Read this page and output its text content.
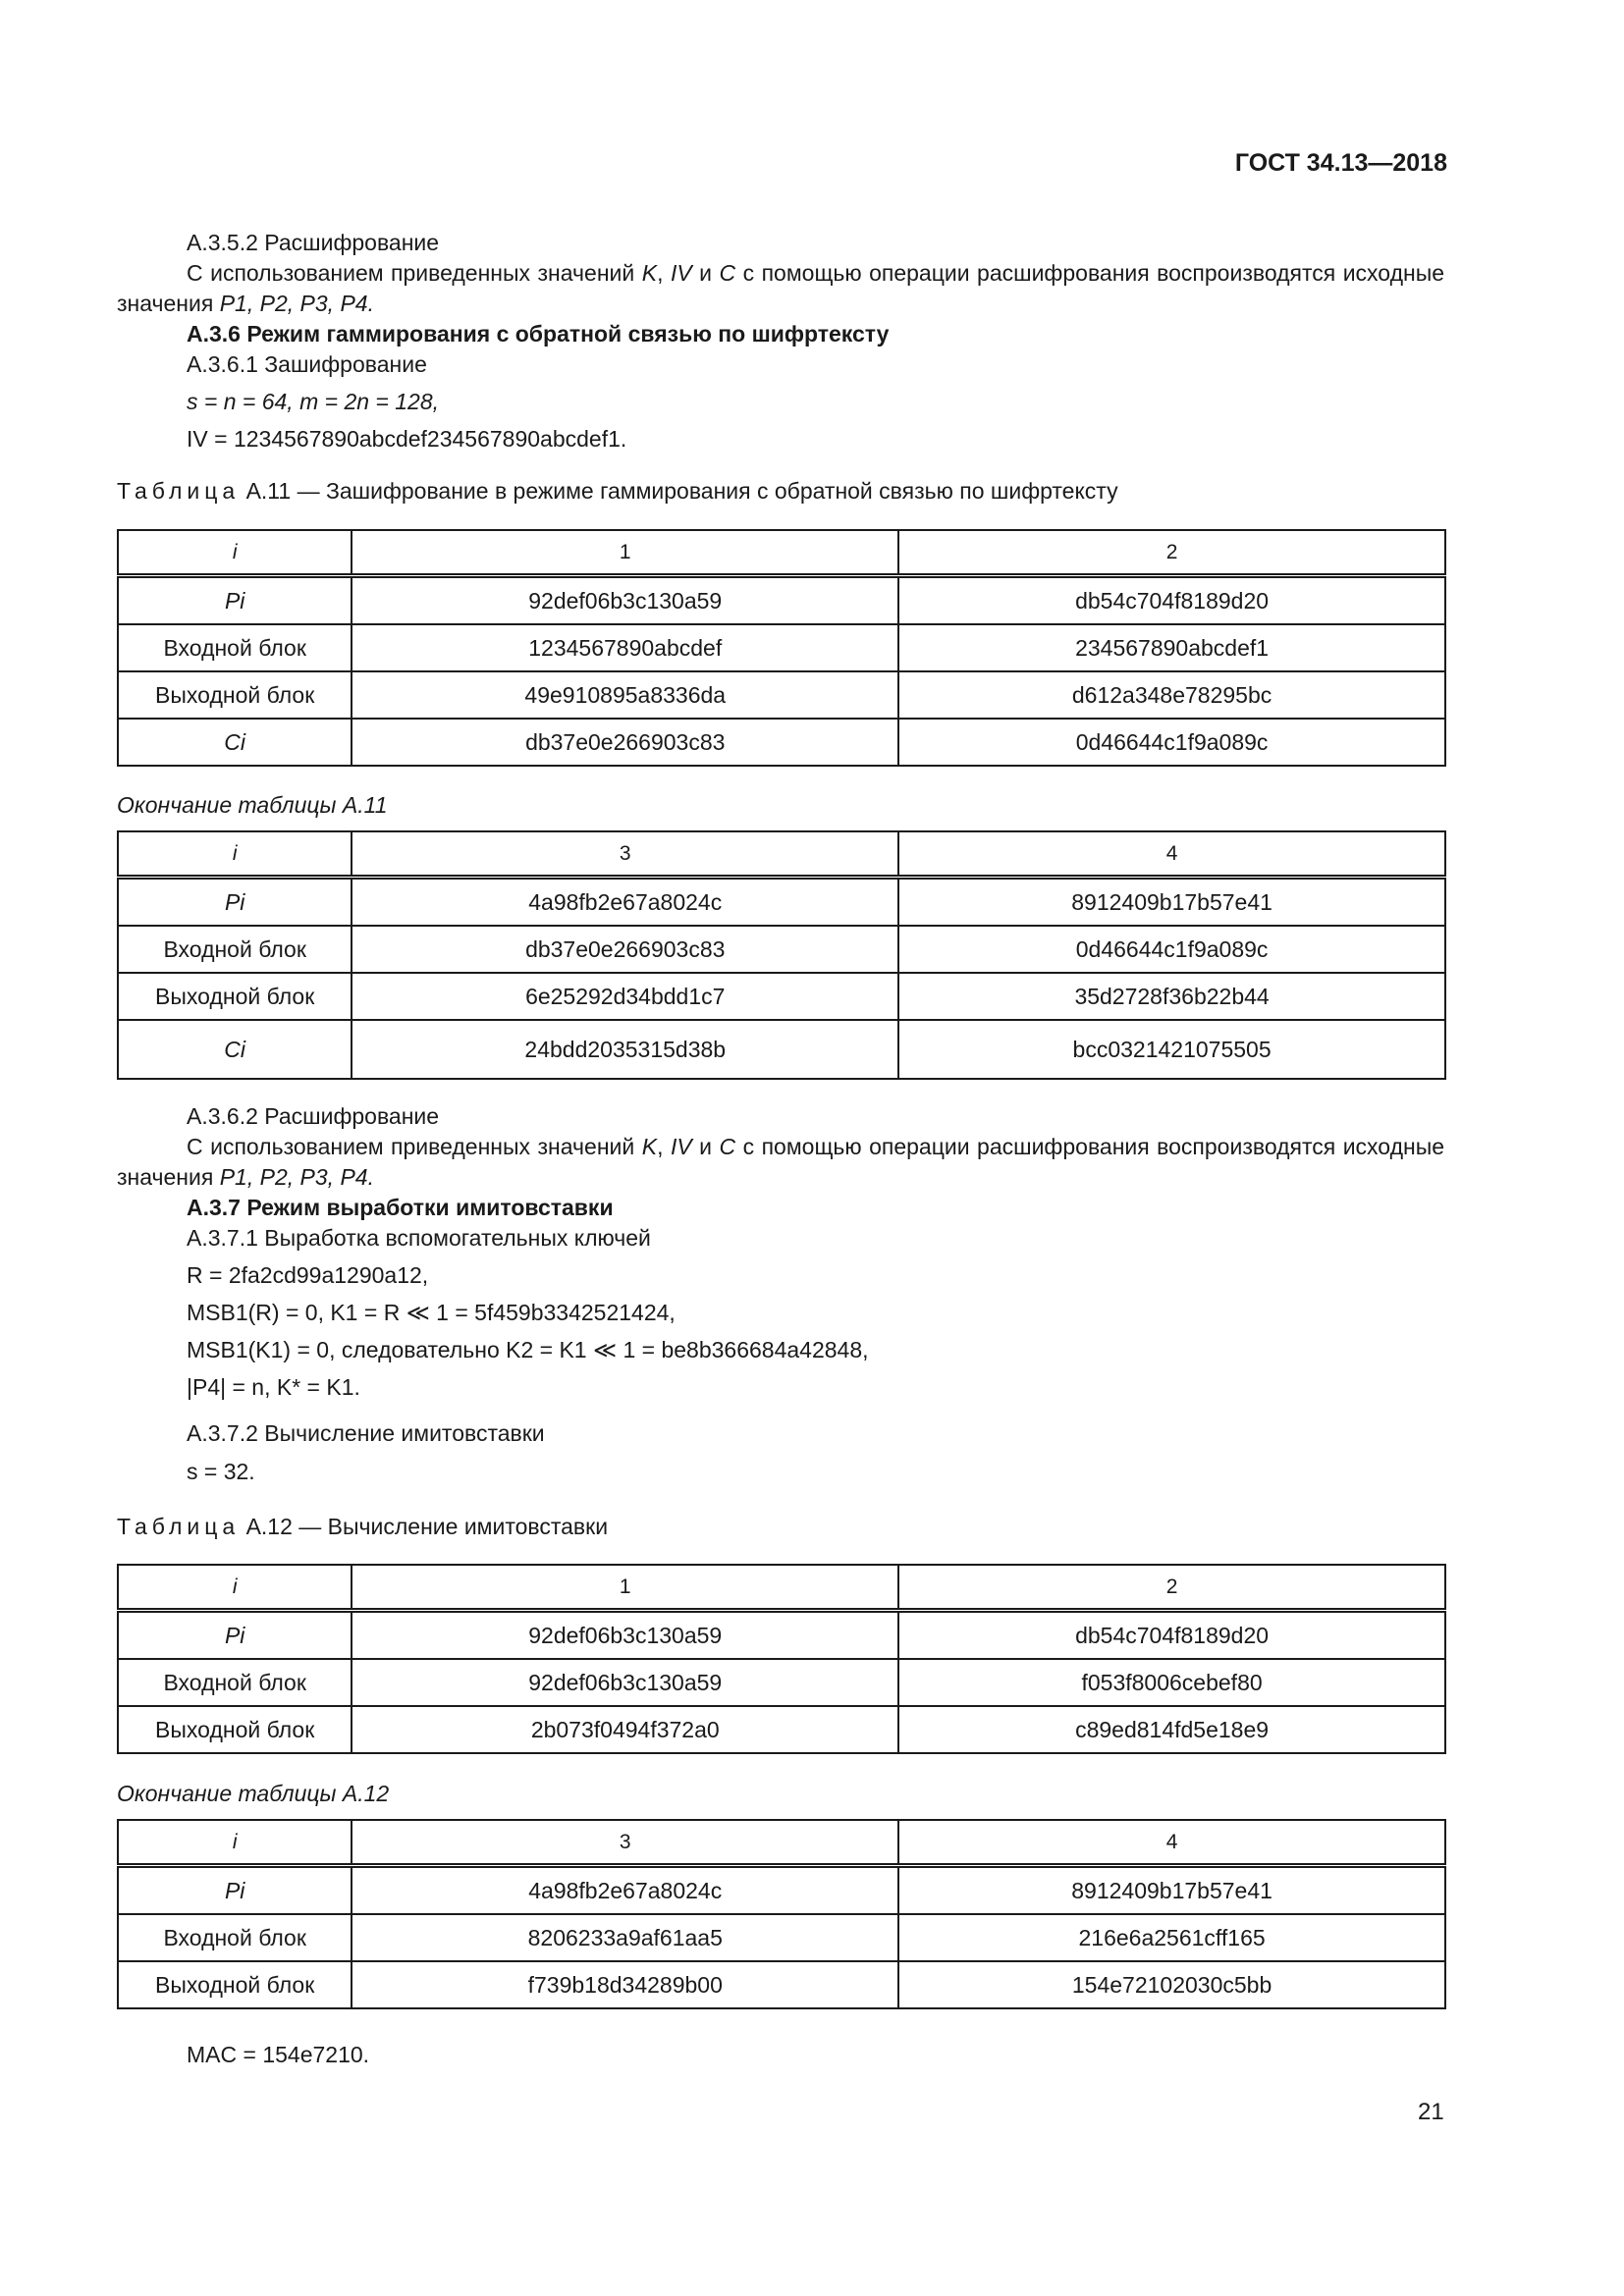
ГОСТ 34.13—2018
А.3.5.2 Расшифрование
С использованием приведенных значений K, IV и C с помощью операции расшифрования воспроизводятся исходные значения P1, P2, P3, P4.
А.3.6 Режим гаммирования с обратной связью по шифртексту
А.3.6.1 Зашифрование
s = n = 64, m = 2n = 128,
IV = 1234567890abcdef234567890abcdef1.
Таблица А.11 — Зашифрование в режиме гаммирования с обратной связью по шифртексту
i	1	2
Pi	92def06b3c130a59	db54c704f8189d20
Входной блок	1234567890abcdef	234567890abcdef1
Выходной блок	49e910895a8336da	d612a348e78295bc
Ci	db37e0e266903c83	0d46644c1f9a089c
Окончание таблицы А.11
i	3	4
Pi	4a98fb2e67a8024c	8912409b17b57e41
Входной блок	db37e0e266903c83	0d46644c1f9a089c
Выходной блок	6e25292d34bdd1c7	35d2728f36b22b44
Ci	24bdd2035315d38b	bcc0321421075505
А.3.6.2 Расшифрование
С использованием приведенных значений K, IV и C с помощью операции расшифрования воспроизводятся исходные значения P1, P2, P3, P4.
А.3.7 Режим выработки имитовставки
А.3.7.1 Выработка вспомогательных ключей
R = 2fa2cd99a1290a12,
MSB1(R) = 0, K1 = R ≪ 1 = 5f459b3342521424,
MSB1(K1) = 0, следовательно K2 = K1 ≪ 1 = be8b366684a42848,
|P4| = n, K* = K1.
А.3.7.2 Вычисление имитовставки
s = 32.
Таблица А.12 — Вычисление имитовставки
i	1	2
Pi	92def06b3c130a59	db54c704f8189d20
Входной блок	92def06b3c130a59	f053f8006cebef80
Выходной блок	2b073f0494f372a0	c89ed814fd5e18e9
Окончание таблицы А.12
i	3	4
Pi	4a98fb2e67a8024c	8912409b17b57e41
Входной блок	8206233a9af61aa5	216e6a2561cff165
Выходной блок	f739b18d34289b00	154e72102030c5bb
MAC = 154e7210.
21
